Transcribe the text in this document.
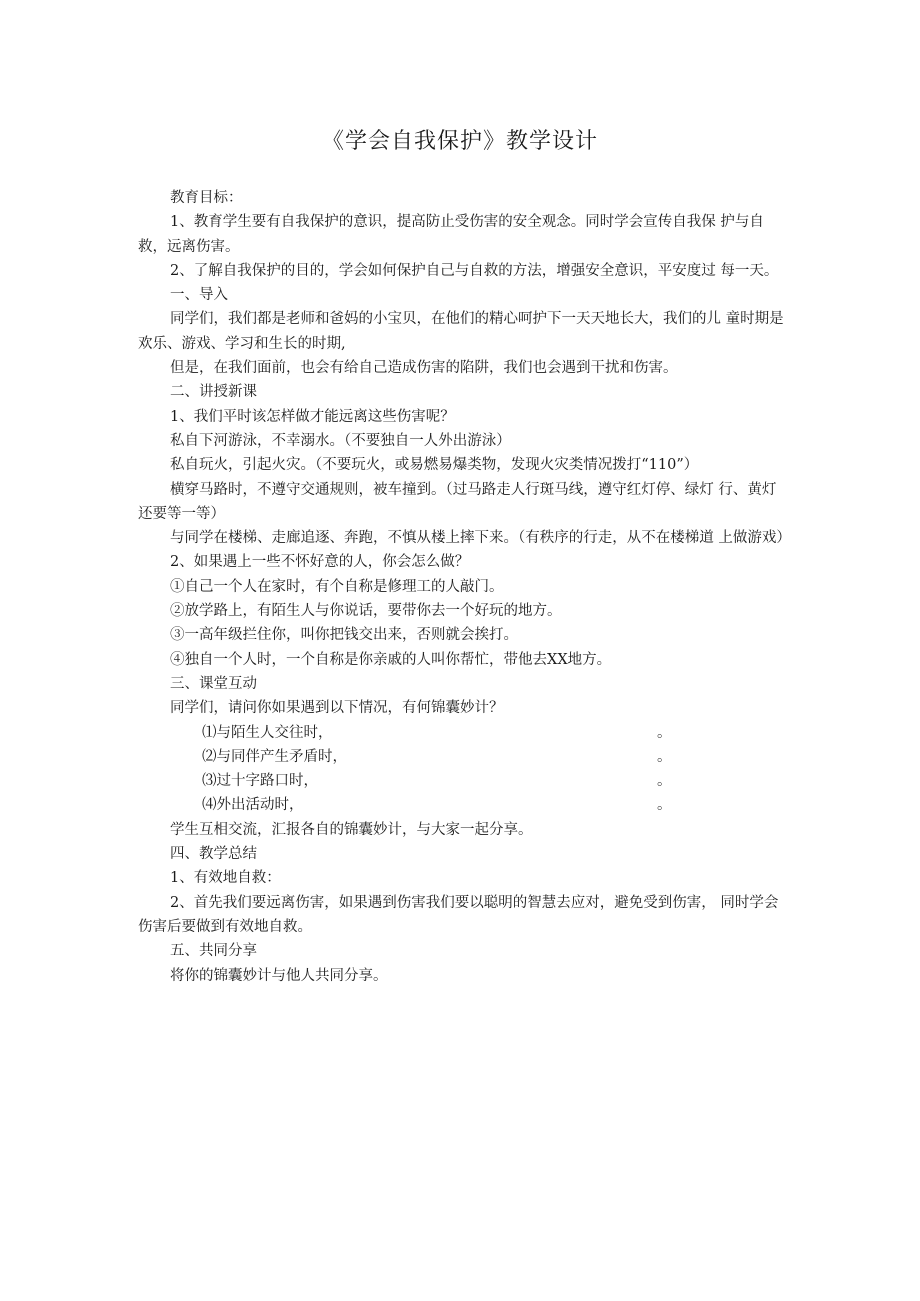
《学会自我保护》教学设计

教育目标：

1、教育学生要有自我保护的意识，提高防止受伤害的安全观念。同时学会宣传自我保 护与自救，远离伤害。

2、了解自我保护的目的，学会如何保护自己与自救的方法，增强安全意识，平安度过 每一天。

一、导入

同学们，我们都是老师和爸妈的小宝贝，在他们的精心呵护下一天天地长大，我们的儿 童时期是欢乐、游戏、学习和生长的时期,

但是，在我们面前，也会有给自己造成伤害的陷阱，我们也会遇到干扰和伤害。

二、讲授新课

1、我们平时该怎样做才能远离这些伤害呢？

私自下河游泳，不幸溺水。（不要独自一人外出游泳）

私自玩火，引起火灾。（不要玩火，或易燃易爆类物，发现火灾类情况拨打“110”）

横穿马路时，不遵守交通规则，被车撞到。（过马路走人行斑马线，遵守红灯停、绿灯 行、黄灯还要等一等）

与同学在楼梯、走廊追逐、奔跑，不慎从楼上摔下来。（有秩序的行走，从不在楼梯道 上做游戏）

2、如果遇上一些不怀好意的人，你会怎么做？

①自己一个人在家时，有个自称是修理工的人敲门。

②放学路上，有陌生人与你说话，要带你去一个好玩的地方。

③一高年级拦住你，叫你把钱交出来，否则就会挨打。

④独自一个人时，一个自称是你亲戚的人叫你帮忙，带他去XX地方。

三、课堂互动

同学们，请问你如果遇到以下情况，有何锦囊妙计？

⑴与陌生人交往时，	。
⑵与同伴产生矛盾时，	。
⑶过十字路口时，	。
⑷外出活动时，	。

学生互相交流，汇报各自的锦囊妙计，与大家一起分享。

四、教学总结

1、有效地自救：

2、首先我们要远离伤害，如果遇到伤害我们要以聪明的智慧去应对，避免受到伤害， 同时学会伤害后要做到有效地自救。

五、共同分享

将你的锦囊妙计与他人共同分享。
